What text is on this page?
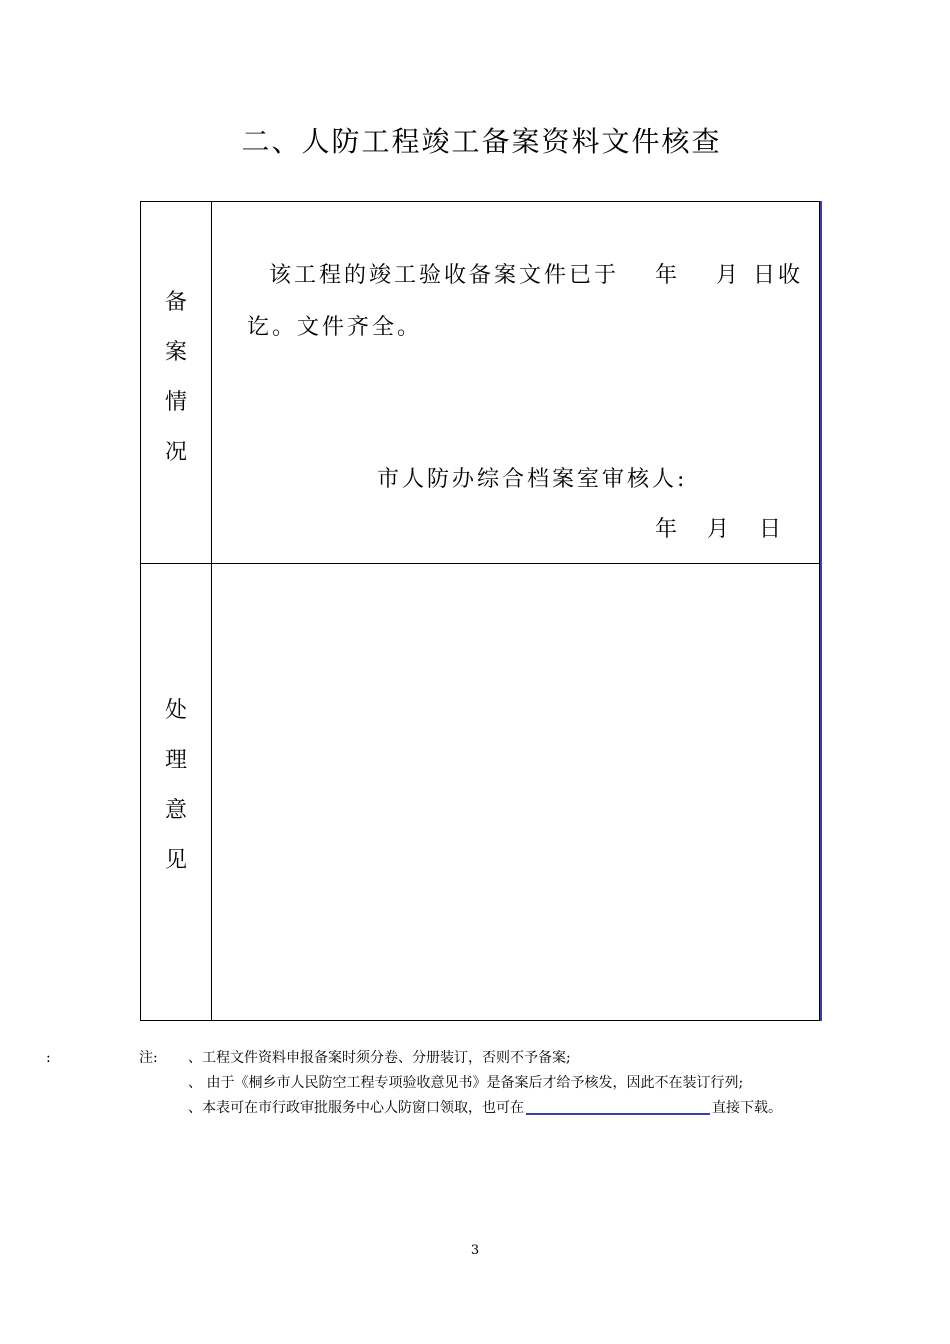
二、人防工程竣工备案资料文件核查
备
案
情
况
该工程的竣工验收备案文件已于 年 月 日收
讫。文件齐全。
市人防办综合档案室审核人:
年 月 日
处
理
意
见
:	注: 、工程文件资料申报备案时须分卷、分册装订，否则不予备案;
、 由于《桐乡市人民防空工程专项验收意见书》是备案后才给予核发，因此不在装订行列;
、本表可在市行政审批服务中心人防窗口领取，也可在	直接下载。
3
